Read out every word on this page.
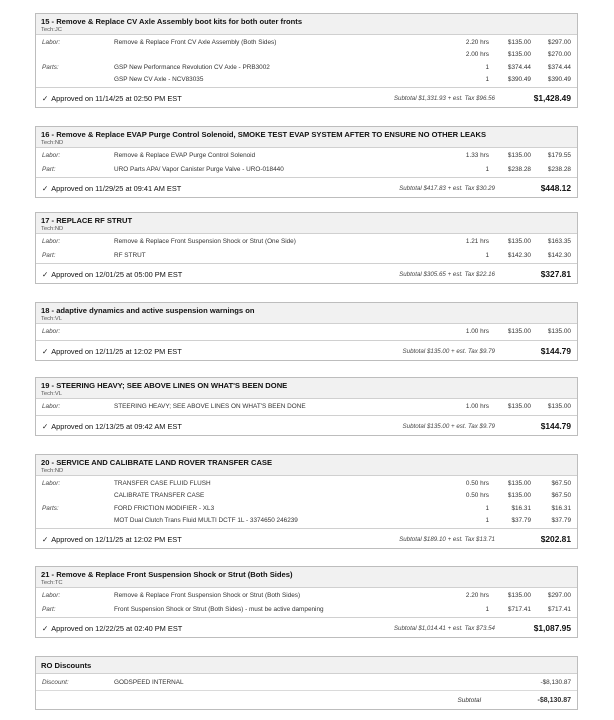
15 - Remove & Replace CV Axle Assembly boot kits for both outer fronts
Tech:JC
Labor:	Remove & Replace Front CV Axle Assembly (Both Sides)	2.20 hrs	$135.00	$297.00
2.00 hrs	$135.00	$270.00
Parts:	GSP New Performance Revolution CV Axle - PRB3002	1	$374.44	$374.44
GSP New CV Axle - NCV83035	1	$390.49	$390.49
✓ Approved on 11/14/25 at 02:50 PM EST	Subtotal $1,331.93 + est. Tax $96.56	$1,428.49
16 - Remove & Replace EVAP Purge Control Solenoid, SMOKE TEST EVAP SYSTEM AFTER TO ENSURE NO OTHER LEAKS
Tech:ND
Labor:	Remove & Replace EVAP Purge Control Solenoid	1.33 hrs	$135.00	$179.55
Part:	URO Parts APA/ Vapor Canister Purge Valve - URO-018440	1	$238.28	$238.28
✓ Approved on 11/29/25 at 09:41 AM EST	Subtotal $417.83 + est. Tax $30.29	$448.12
17 - REPLACE RF STRUT
Tech:ND
Labor:	Remove & Replace Front Suspension Shock or Strut (One Side)	1.21 hrs	$135.00	$163.35
Part:	RF STRUT	1	$142.30	$142.30
✓ Approved on 12/01/25 at 05:00 PM EST	Subtotal $305.65 + est. Tax $22.16	$327.81
18 - adaptive dynamics and active suspension warnings on
Tech:VL
Labor:	1.00 hrs	$135.00	$135.00
✓ Approved on 12/11/25 at 12:02 PM EST	Subtotal $135.00 + est. Tax $9.79	$144.79
19 - STEERING HEAVY; SEE ABOVE LINES ON WHAT'S BEEN DONE
Tech:VL
Labor:	STEERING HEAVY; SEE ABOVE LINES ON WHAT'S BEEN DONE	1.00 hrs	$135.00	$135.00
✓ Approved on 12/13/25 at 09:42 AM EST	Subtotal $135.00 + est. Tax $9.79	$144.79
20 - SERVICE AND CALIBRATE LAND ROVER TRANSFER CASE
Tech:ND
Labor:	TRANSFER CASE FLUID FLUSH	0.50 hrs	$135.00	$67.50
CALIBRATE TRANSFER CASE	0.50 hrs	$135.00	$67.50
Parts:	FORD FRICTION MODIFIER - XL3	1	$16.31	$16.31
MOT Dual Clutch Trans Fluid MULTI DCTF 1L - 3374650 246239	1	$37.79	$37.79
✓ Approved on 12/11/25 at 12:02 PM EST	Subtotal $189.10 + est. Tax $13.71	$202.81
21 - Remove & Replace Front Suspension Shock or Strut (Both Sides)
Tech:TC
Labor:	Remove & Replace Front Suspension Shock or Strut (Both Sides)	2.20 hrs	$135.00	$297.00
Part:	Front Suspension Shock or Strut (Both Sides) - must be active dampening	1	$717.41	$717.41
✓ Approved on 12/22/25 at 02:40 PM EST	Subtotal $1,014.41 + est. Tax $73.54	$1,087.95
RO Discounts
Discount:	GODSPEED INTERNAL	-$8,130.87
Subtotal	-$8,130.87
